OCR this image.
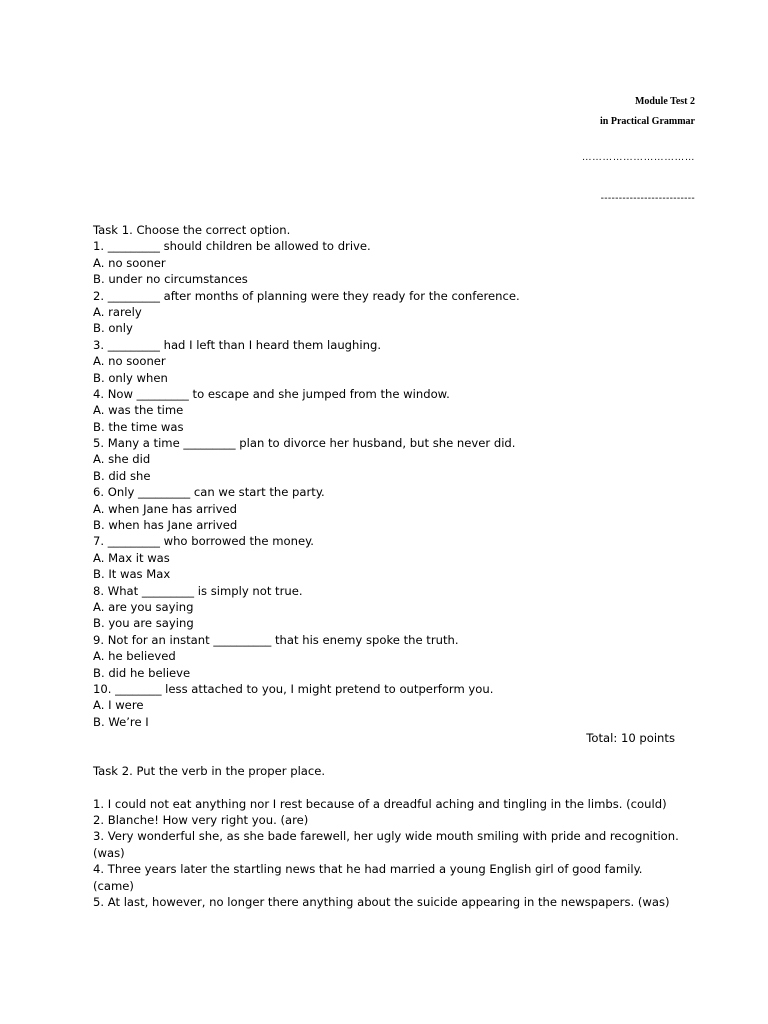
Module Test 2
in Practical Grammar
……………………………
--------------------------
Task 1. Choose the correct option.
1. _________ should children be allowed to drive.
A. no sooner
B. under no circumstances
2. _________ after months of planning were they ready for the conference.
A. rarely
B. only
3. _________ had I left than I heard them laughing.
A. no sooner
B. only when
4. Now _________ to escape and she jumped from the window.
A. was the time
B. the time was
5. Many a time _________ plan to divorce her husband, but she never did.
A. she did
B. did she
6. Only _________ can we start the party.
A. when Jane has arrived
B. when has Jane arrived
7. _________ who borrowed the money.
A. Max it was
B. It was Max
8. What _________ is simply not true.
A. are you saying
B. you are saying
9. Not for an instant __________ that his enemy spoke the truth.
A. he believed
B. did he believe
10. ________ less attached to you, I might pretend to outperform you.
A. I were
B. We’re I
Total: 10 points
Task 2. Put the verb in the proper place.
1. I could not eat anything nor I rest because of a dreadful aching and tingling in the limbs. (could)
2. Blanche! How very right you. (are)
3. Very wonderful she, as she bade farewell, her ugly wide mouth smiling with pride and recognition. (was)
4. Three years later the startling news that he had married a young English girl of good family. (came)
5. At last, however, no longer there anything about the suicide appearing in the newspapers. (was)
